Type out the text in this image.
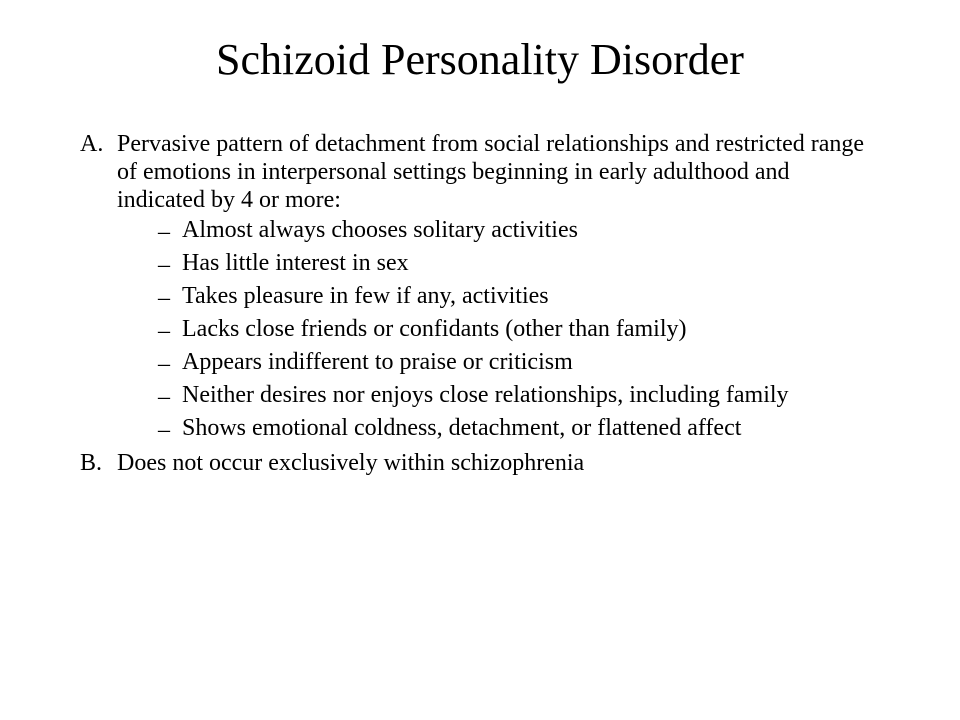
Schizoid Personality Disorder
A. Pervasive pattern of detachment from social relationships and restricted range of emotions in interpersonal settings beginning in early adulthood and indicated by 4 or more:
– Almost always chooses solitary activities
– Has little interest in sex
– Takes pleasure in few if any, activities
– Lacks close friends or confidants (other than family)
– Appears indifferent to praise or criticism
– Neither desires nor enjoys close relationships, including family
– Shows emotional coldness, detachment, or flattened affect
B. Does not occur exclusively within schizophrenia
